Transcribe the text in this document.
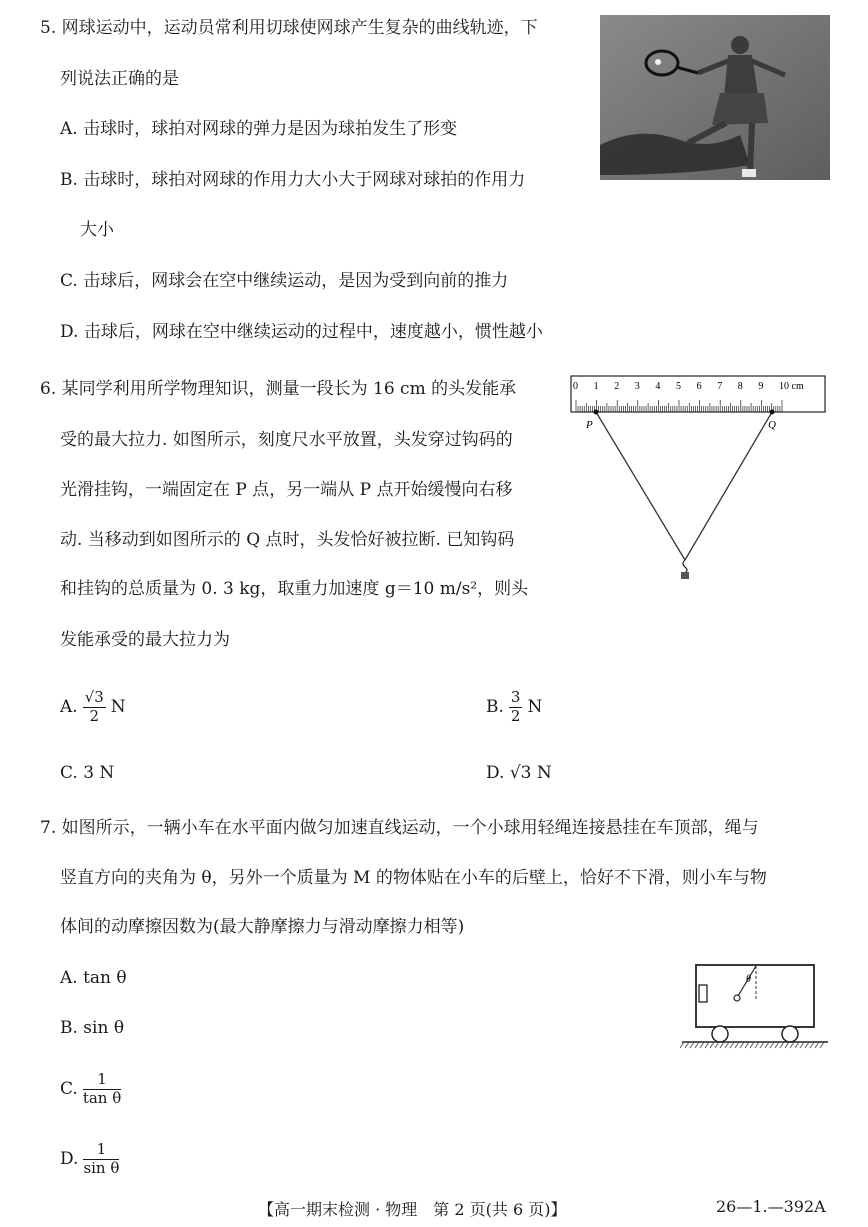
5. 网球运动中，运动员常利用切球使网球产生复杂的曲线轨迹，下
列说法正确的是
A. 击球时，球拍对网球的弹力是因为球拍发生了形变
B. 击球时，球拍对网球的作用力大小大于网球对球拍的作用力
大小
C. 击球后，网球会在空中继续运动，是因为受到向前的推力
D. 击球后，网球在空中继续运动的过程中，速度越小，惯性越小
6. 某同学利用所学物理知识，测量一段长为 16 cm 的头发能承
受的最大拉力. 如图所示，刻度尺水平放置，头发穿过钩码的
光滑挂钩，一端固定在 P 点，另一端从 P 点开始缓慢向右移
动. 当移动到如图所示的 Q 点时，头发恰好被拉断. 已知钩码
和挂钩的总质量为 0. 3 kg，取重力加速度 g＝10 m/s²，则头
发能承受的最大拉力为
A. $\frac{√3}{2}$ N	B. $\frac{3}{2}$ N
C. 3 N	D. √3 N
0 1 2 3 4 5 6 7 8 9 10 cm
P	Q
7. 如图所示，一辆小车在水平面内做匀加速直线运动，一个小球用轻绳连接悬挂在车顶部，绳与
竖直方向的夹角为 θ，另外一个质量为 M 的物体贴在小车的后壁上，恰好不下滑，则小车与物
体间的动摩擦因数为(最大静摩擦力与滑动摩擦力相等)
A. tan θ
B. sin θ
C. $\frac{1}{\text{tan θ}}$
D. $\frac{1}{\text{sin θ}}$
θ
【高一期末检测 · 物理　第 2 页(共 6 页)】	26—1.—392A
